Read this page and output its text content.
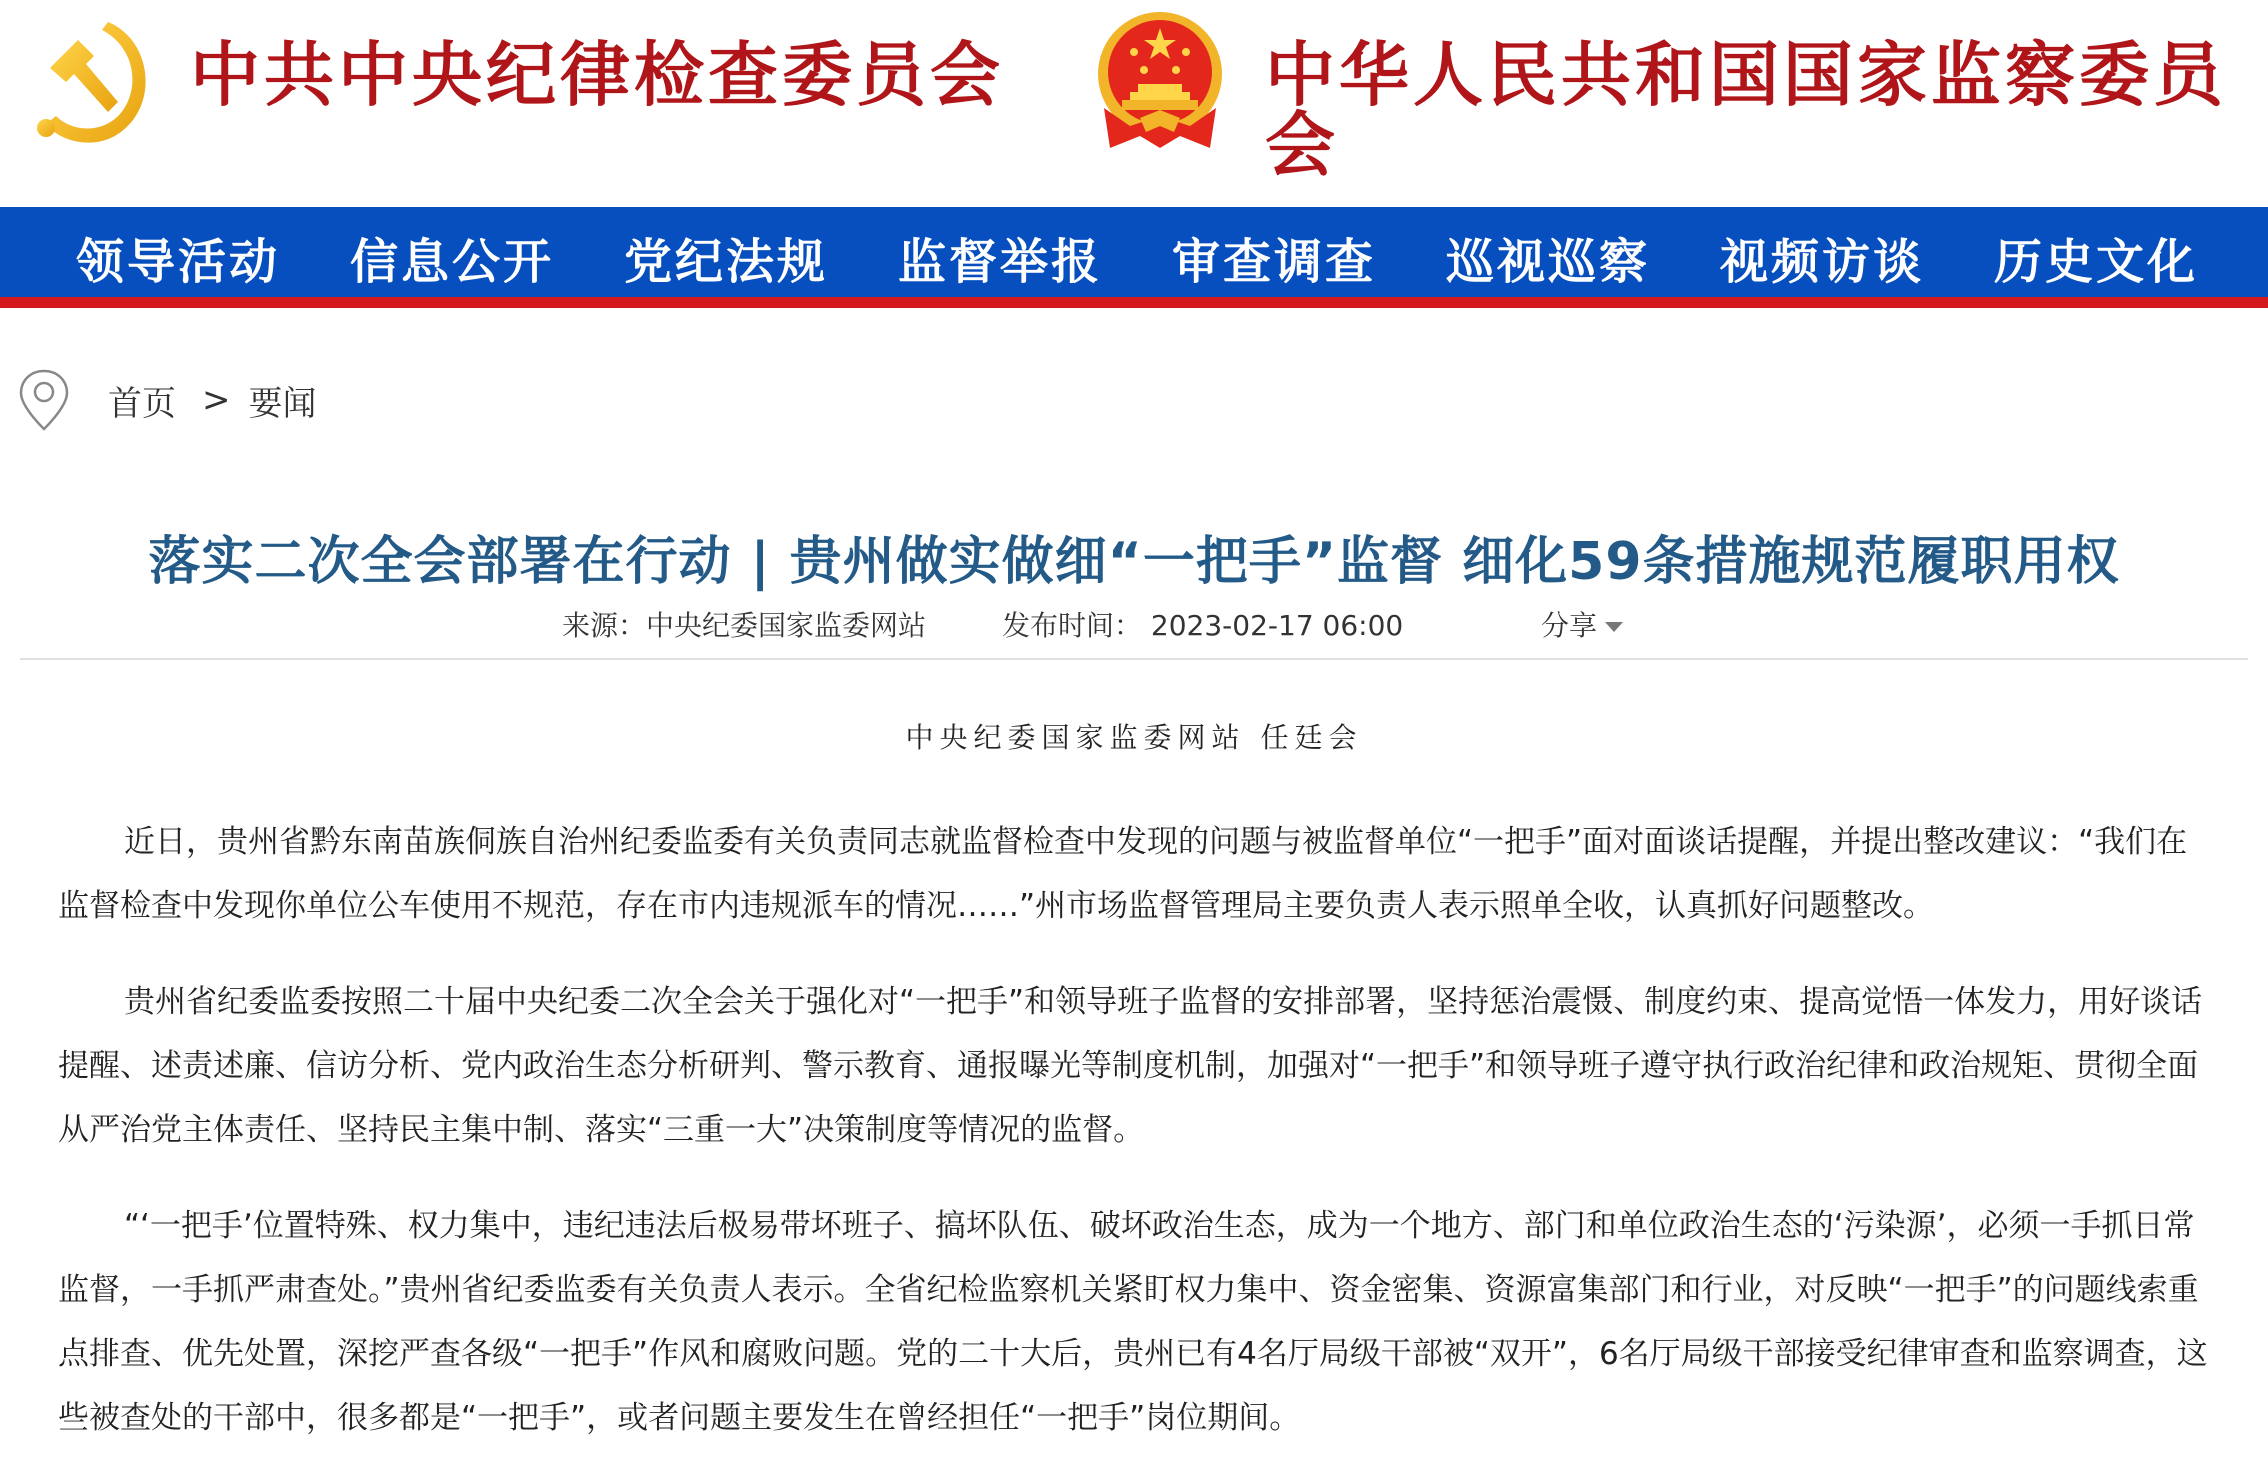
中共中央纪律检查委员会	中华人民共和国国家监察委员会
领导活动 信息公开 党纪法规 监督举报 审查调查 巡视巡察 视频访谈 历史文化
首页 > 要闻
落实二次全会部署在行动 | 贵州做实做细“一把手”监督 细化59条措施规范履职用权
来源：中央纪委国家监委网站	发布时间： 2023-02-17 06:00	分享
中央纪委国家监委网站 任廷会

近日，贵州省黔东南苗族侗族自治州纪委监委有关负责同志就监督检查中发现的问题与被监督单位“一把手”面对面谈话提醒，并提出整改建议：“我们在监督检查中发现你单位公车使用不规范，存在市内违规派车的情况……”州市场监督管理局主要负责人表示照单全收，认真抓好问题整改。

贵州省纪委监委按照二十届中央纪委二次全会关于强化对“一把手”和领导班子监督的安排部署，坚持惩治震慑、制度约束、提高觉悟一体发力，用好谈话提醒、述责述廉、信访分析、党内政治生态分析研判、警示教育、通报曝光等制度机制，加强对“一把手”和领导班子遵守执行政治纪律和政治规矩、贯彻全面从严治党主体责任、坚持民主集中制、落实“三重一大”决策制度等情况的监督。

“‘一把手’位置特殊、权力集中，违纪违法后极易带坏班子、搞坏队伍、破坏政治生态，成为一个地方、部门和单位政治生态的‘污染源’，必须一手抓日常监督，一手抓严肃查处。”贵州省纪委监委有关负责人表示。全省纪检监察机关紧盯权力集中、资金密集、资源富集部门和行业，对反映“一把手”的问题线索重点排查、优先处置，深挖严查各级“一把手”作风和腐败问题。党的二十大后，贵州已有4名厅局级干部被“双开”，6名厅局级干部接受纪律审查和监察调查，这些被查处的干部中，很多都是“一把手”，或者问题主要发生在曾经担任“一把手”岗位期间。
